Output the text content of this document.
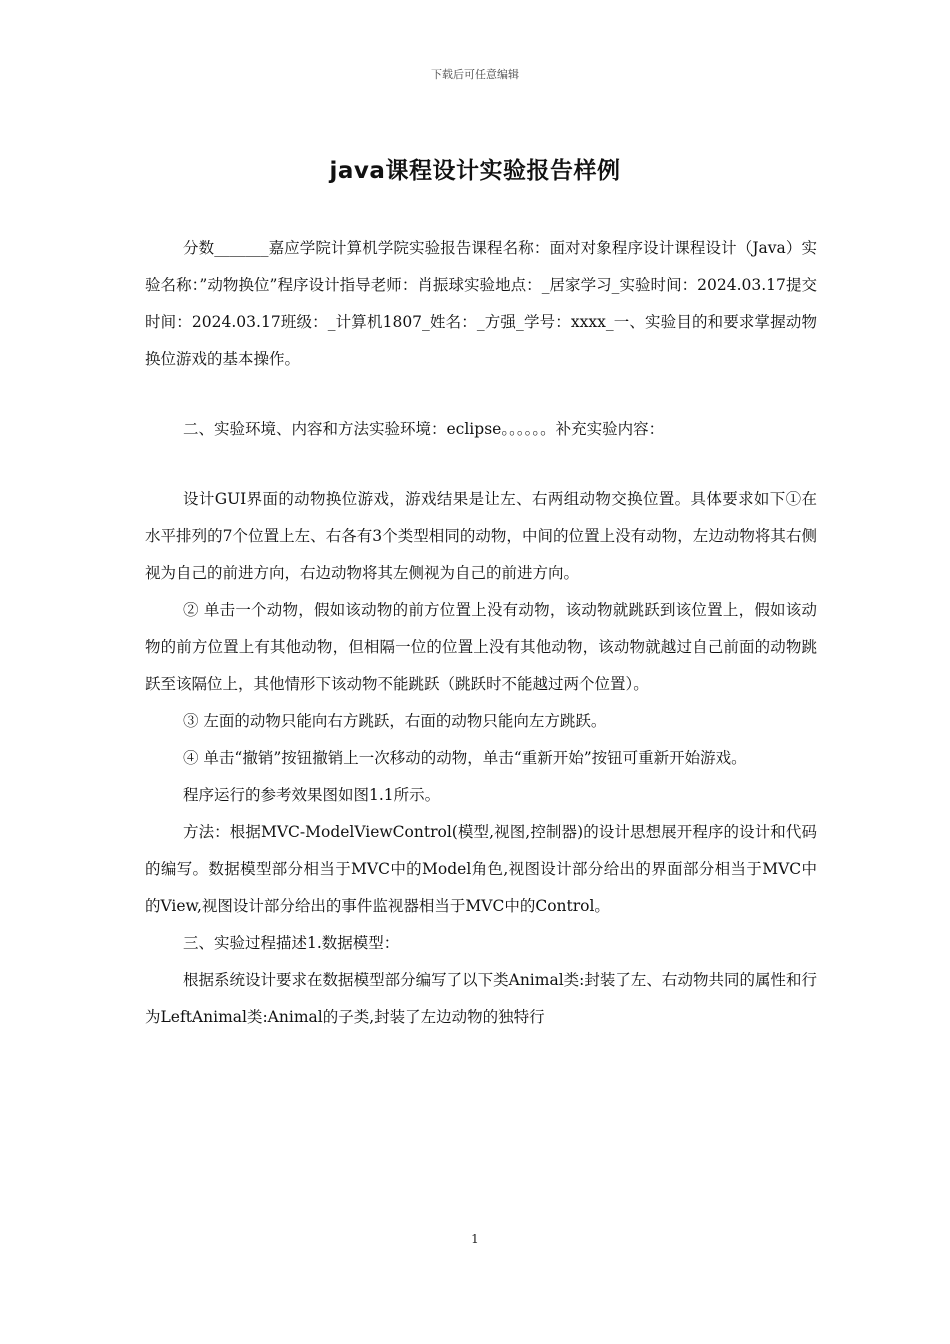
下载后可任意编辑
java课程设计实验报告样例

分数_______嘉应学院计算机学院实验报告课程名称：面对对象程序设计课程设计（Java）实验名称：”动物换位”程序设计指导老师：肖振球实验地点：_居家学习_实验时间：2024.03.17提交时间：2024.03.17班级：_计算机1807_姓名：_方强_学号：xxxx_一、实验目的和要求掌握动物换位游戏的基本操作。

二、实验环境、内容和方法实验环境：eclipse。。。。。。补充实验内容：

设计GUI界面的动物换位游戏，游戏结果是让左、右两组动物交换位置。具体要求如下①在水平排列的7个位置上左、右各有3个类型相同的动物，中间的位置上没有动物，左边动物将其右侧视为自己的前进方向，右边动物将其左侧视为自己的前进方向。

② 单击一个动物，假如该动物的前方位置上没有动物，该动物就跳跃到该位置上，假如该动物的前方位置上有其他动物，但相隔一位的位置上没有其他动物，该动物就越过自己前面的动物跳跃至该隔位上，其他情形下该动物不能跳跃（跳跃时不能越过两个位置）。

③ 左面的动物只能向右方跳跃，右面的动物只能向左方跳跃。

④ 单击“撤销”按钮撤销上一次移动的动物，单击“重新开始”按钮可重新开始游戏。

程序运行的参考效果图如图1.1所示。

方法：根据MVC-ModelViewControl(模型,视图,控制器)的设计思想展开程序的设计和代码的编写。数据模型部分相当于MVC中的Model角色,视图设计部分给出的界面部分相当于MVC中的View,视图设计部分给出的事件监视器相当于MVC中的Control。

三、实验过程描述1.数据模型：

根据系统设计要求在数据模型部分编写了以下类Animal类:封装了左、右动物共同的属性和行为LeftAnimal类:Animal的子类,封装了左边动物的独特行

1
